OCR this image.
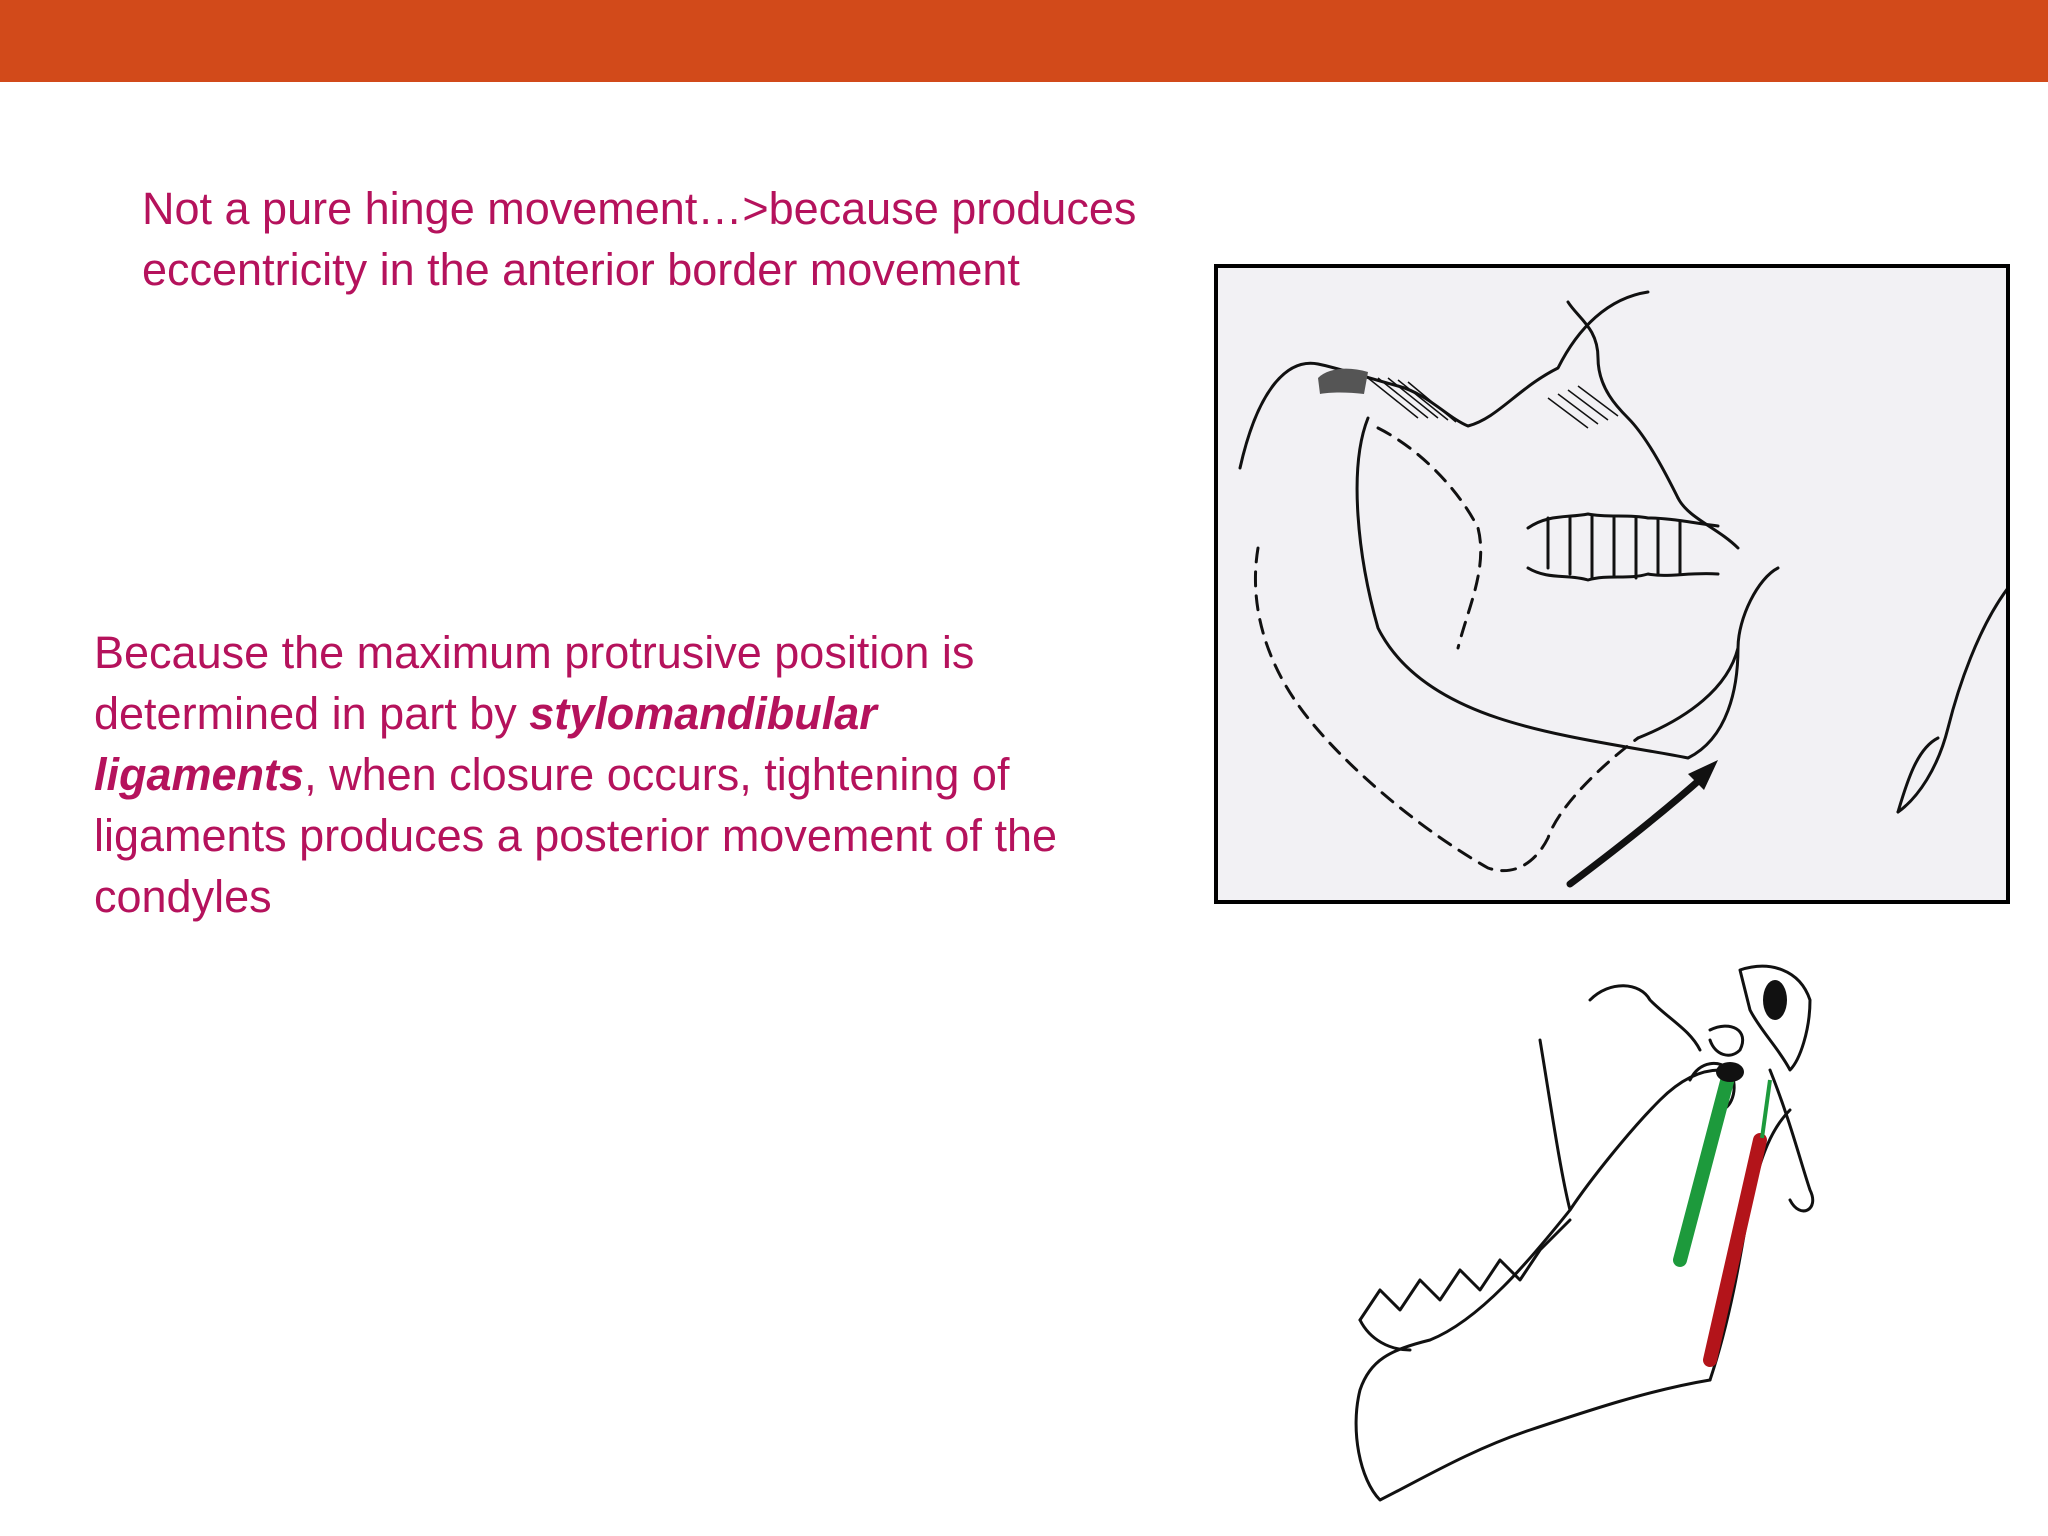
Not a pure hinge movement…>because produces eccentricity in the anterior border movement

Because the maximum protrusive position is determined in part by stylomandibular ligaments, when closure occurs, tightening of ligaments produces a posterior movement of the condyles
